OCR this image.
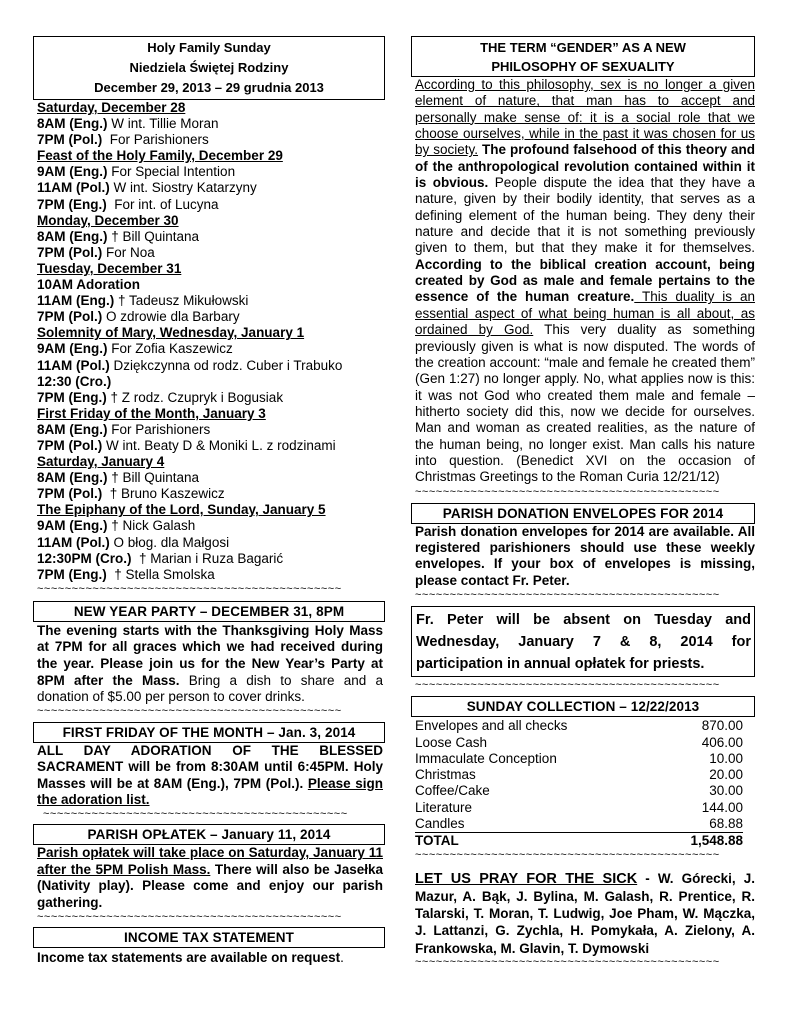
Holy Family Sunday
Niedziela Świętej Rodziny
December 29, 2013 – 29 grudnia 2013
Saturday, December 28
8AM (Eng.) W int. Tillie Moran
7PM (Pol.)  For Parishioners
Feast of the Holy Family, December 29
9AM (Eng.) For Special Intention
11AM (Pol.) W int. Siostry Katarzyny
7PM (Eng.)  For int. of Lucyna
Monday, December 30
8AM (Eng.) † Bill Quintana
7PM (Pol.) For Noa
Tuesday, December 31
10AM Adoration
11AM (Eng.) † Tadeusz Mikułowski
7PM (Pol.) O zdrowie dla Barbary
Solemnity of Mary, Wednesday, January 1
9AM (Eng.) For Zofia Kaszewicz
11AM (Pol.) Dziękczynna od rodz. Cuber i Trabuko
12:30 (Cro.)
7PM (Eng.) † Z rodz. Czupryk i Bogusiak
First Friday of the Month, January 3
8AM (Eng.) For Parishioners
7PM (Pol.) W int. Beaty D & Moniki L. z rodzinami
Saturday, January 4
8AM (Eng.) † Bill Quintana
7PM (Pol.)  † Bruno Kaszewicz
The Epiphany of the Lord, Sunday, January 5
9AM (Eng.) † Nick Galash
11AM (Pol.) O błog. dla Małgosi
12:30PM (Cro.)  † Marian i Ruza Bagarić
7PM (Eng.)  † Stella Smolska
~~~~~~~~~~~~~~~~~~~~~~~~~~~~~~~~~~~~~~~~~~~~
NEW YEAR PARTY – DECEMBER 31, 8PM
The evening starts with the Thanksgiving Holy Mass at 7PM for all graces which we had received during the year. Please join us for the New Year’s Party at 8PM after the Mass. Bring a dish to share and a donation of $5.00 per person to cover drinks.
~~~~~~~~~~~~~~~~~~~~~~~~~~~~~~~~~~~~~~~~~~~~
FIRST FRIDAY OF THE MONTH – Jan. 3, 2014
ALL DAY ADORATION OF THE BLESSED SACRAMENT will be from 8:30AM until 6:45PM. Holy Masses will be at 8AM (Eng.), 7PM (Pol.). Please sign the adoration list.
~~~~~~~~~~~~~~~~~~~~~~~~~~~~~~~~~~~~~~~~~~~~
PARISH OPŁATEK – January 11, 2014
Parish opłatek will take place on Saturday, January 11 after the 5PM Polish Mass. There will also be Jasełka (Nativity play). Please come and enjoy our parish gathering.
~~~~~~~~~~~~~~~~~~~~~~~~~~~~~~~~~~~~~~~~~~~~
INCOME TAX STATEMENT
Income tax statements are available on request.
THE TERM “GENDER” AS A NEW
PHILOSOPHY OF SEXUALITY
According to this philosophy, sex is no longer a given element of nature, that man has to accept and personally make sense of: it is a social role that we choose ourselves, while in the past it was chosen for us by society. The profound falsehood of this theory and of the anthropological revolution contained within it is obvious. People dispute the idea that they have a nature, given by their bodily identity, that serves as a defining element of the human being. They deny their nature and decide that it is not something previously given to them, but that they make it for themselves. According to the biblical creation account, being created by God as male and female pertains to the essence of the human creature. This duality is an essential aspect of what being human is all about, as ordained by God. This very duality as something previously given is what is now disputed. The words of the creation account: “male and female he created them” (Gen 1:27) no longer apply. No, what applies now is this: it was not God who created them male and female – hitherto society did this, now we decide for ourselves. Man and woman as created realities, as the nature of the human being, no longer exist. Man calls his nature into question. (Benedict XVI on the occasion of Christmas Greetings to the Roman Curia 12/21/12)
~~~~~~~~~~~~~~~~~~~~~~~~~~~~~~~~~~~~~~~~~~~~
PARISH DONATION ENVELOPES FOR 2014
Parish donation envelopes for 2014 are available. All registered parishioners should use these weekly envelopes. If your box of envelopes is missing, please contact Fr. Peter.
~~~~~~~~~~~~~~~~~~~~~~~~~~~~~~~~~~~~~~~~~~~~
Fr. Peter will be absent on Tuesday and Wednesday, January 7 & 8, 2014 for participation in annual opłatek for priests.
~~~~~~~~~~~~~~~~~~~~~~~~~~~~~~~~~~~~~~~~~~~~
SUNDAY COLLECTION – 12/22/2013
Envelopes and all checks	870.00
Loose Cash	406.00
Immaculate Conception	10.00
Christmas	20.00
Coffee/Cake	30.00
Literature	144.00
Candles	68.88
TOTAL	1,548.88
~~~~~~~~~~~~~~~~~~~~~~~~~~~~~~~~~~~~~~~~~~~~
LET US PRAY FOR THE SICK - W. Górecki, J. Mazur, A. Bąk, J. Bylina, M. Galash, R. Prentice, R. Talarski, T. Moran, T. Ludwig, Joe Pham, W. Mączka, J. Lattanzi, G. Zychla, H. Pomykała, A. Zielony, A. Frankowska, M. Glavin, T. Dymowski
~~~~~~~~~~~~~~~~~~~~~~~~~~~~~~~~~~~~~~~~~~~~
